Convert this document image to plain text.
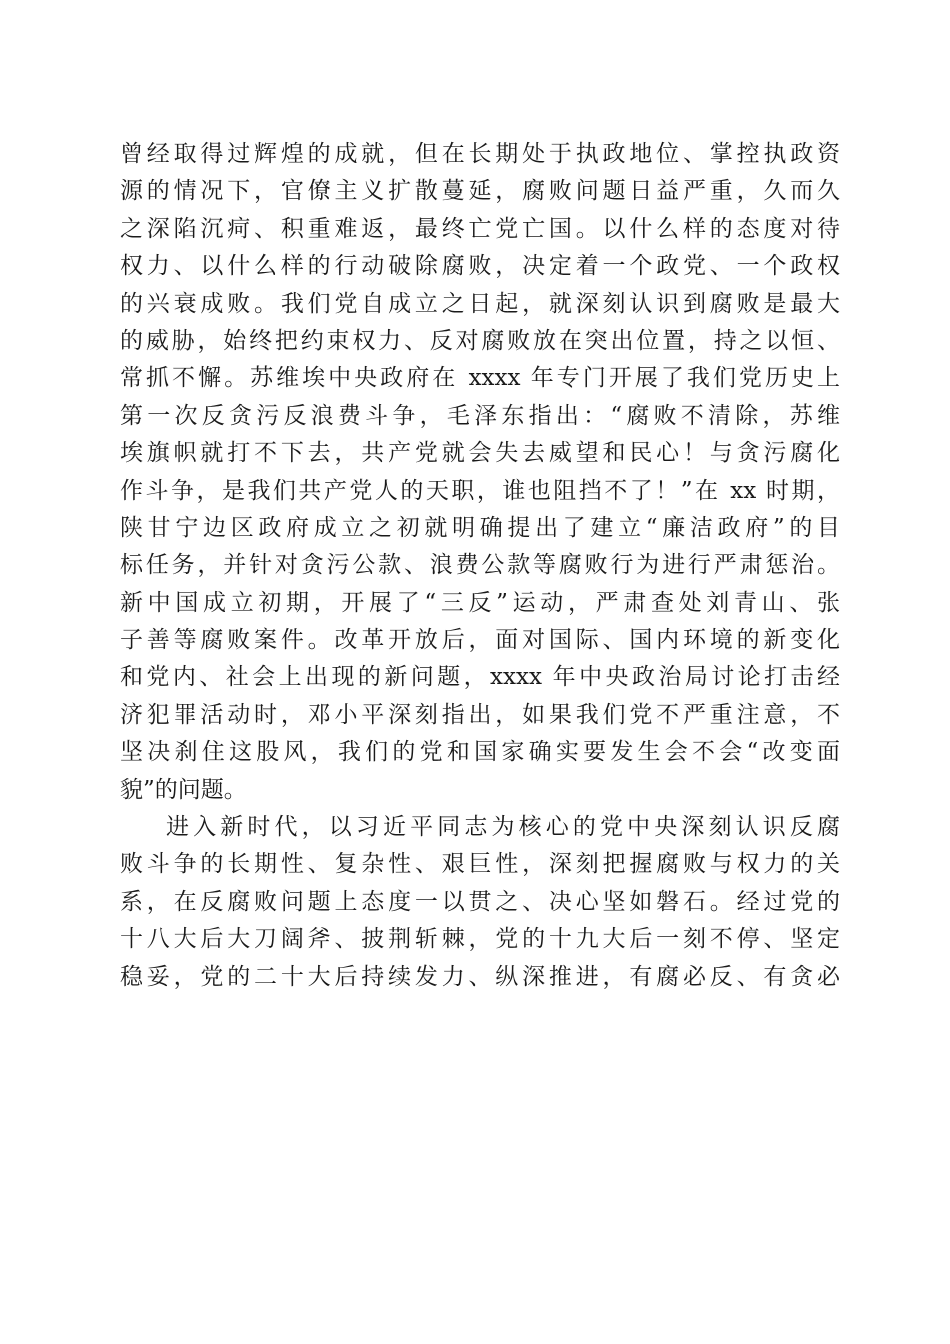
曾经取得过辉煌的成就，但在长期处于执政地位、掌控执政资
源的情况下，官僚主义扩散蔓延，腐败问题日益严重，久而久
之深陷沉疴、积重难返，最终亡党亡国。以什么样的态度对待
权力、以什么样的行动破除腐败，决定着一个政党、一个政权
的兴衰成败。我们党自成立之日起，就深刻认识到腐败是最大
的威胁，始终把约束权力、反对腐败放在突出位置，持之以恒、
常抓不懈。苏维埃中央政府在 xxxx 年专门开展了我们党历史上
第一次反贪污反浪费斗争，毛泽东指出：“腐败不清除，苏维
埃旗帜就打不下去，共产党就会失去威望和民心！与贪污腐化
作斗争，是我们共产党人的天职，谁也阻挡不了！”在 xx 时期，
陕甘宁边区政府成立之初就明确提出了建立“廉洁政府”的目
标任务，并针对贪污公款、浪费公款等腐败行为进行严肃惩治。
新中国成立初期，开展了“三反”运动，严肃查处刘青山、张
子善等腐败案件。改革开放后，面对国际、国内环境的新变化
和党内、社会上出现的新问题，xxxx 年中央政治局讨论打击经
济犯罪活动时，邓小平深刻指出，如果我们党不严重注意，不
坚决刹住这股风，我们的党和国家确实要发生会不会“改变面
貌”的问题。
进入新时代，以习近平同志为核心的党中央深刻认识反腐
败斗争的长期性、复杂性、艰巨性，深刻把握腐败与权力的关
系，在反腐败问题上态度一以贯之、决心坚如磐石。经过党的
十八大后大刀阔斧、披荆斩棘，党的十九大后一刻不停、坚定
稳妥，党的二十大后持续发力、纵深推进，有腐必反、有贪必
